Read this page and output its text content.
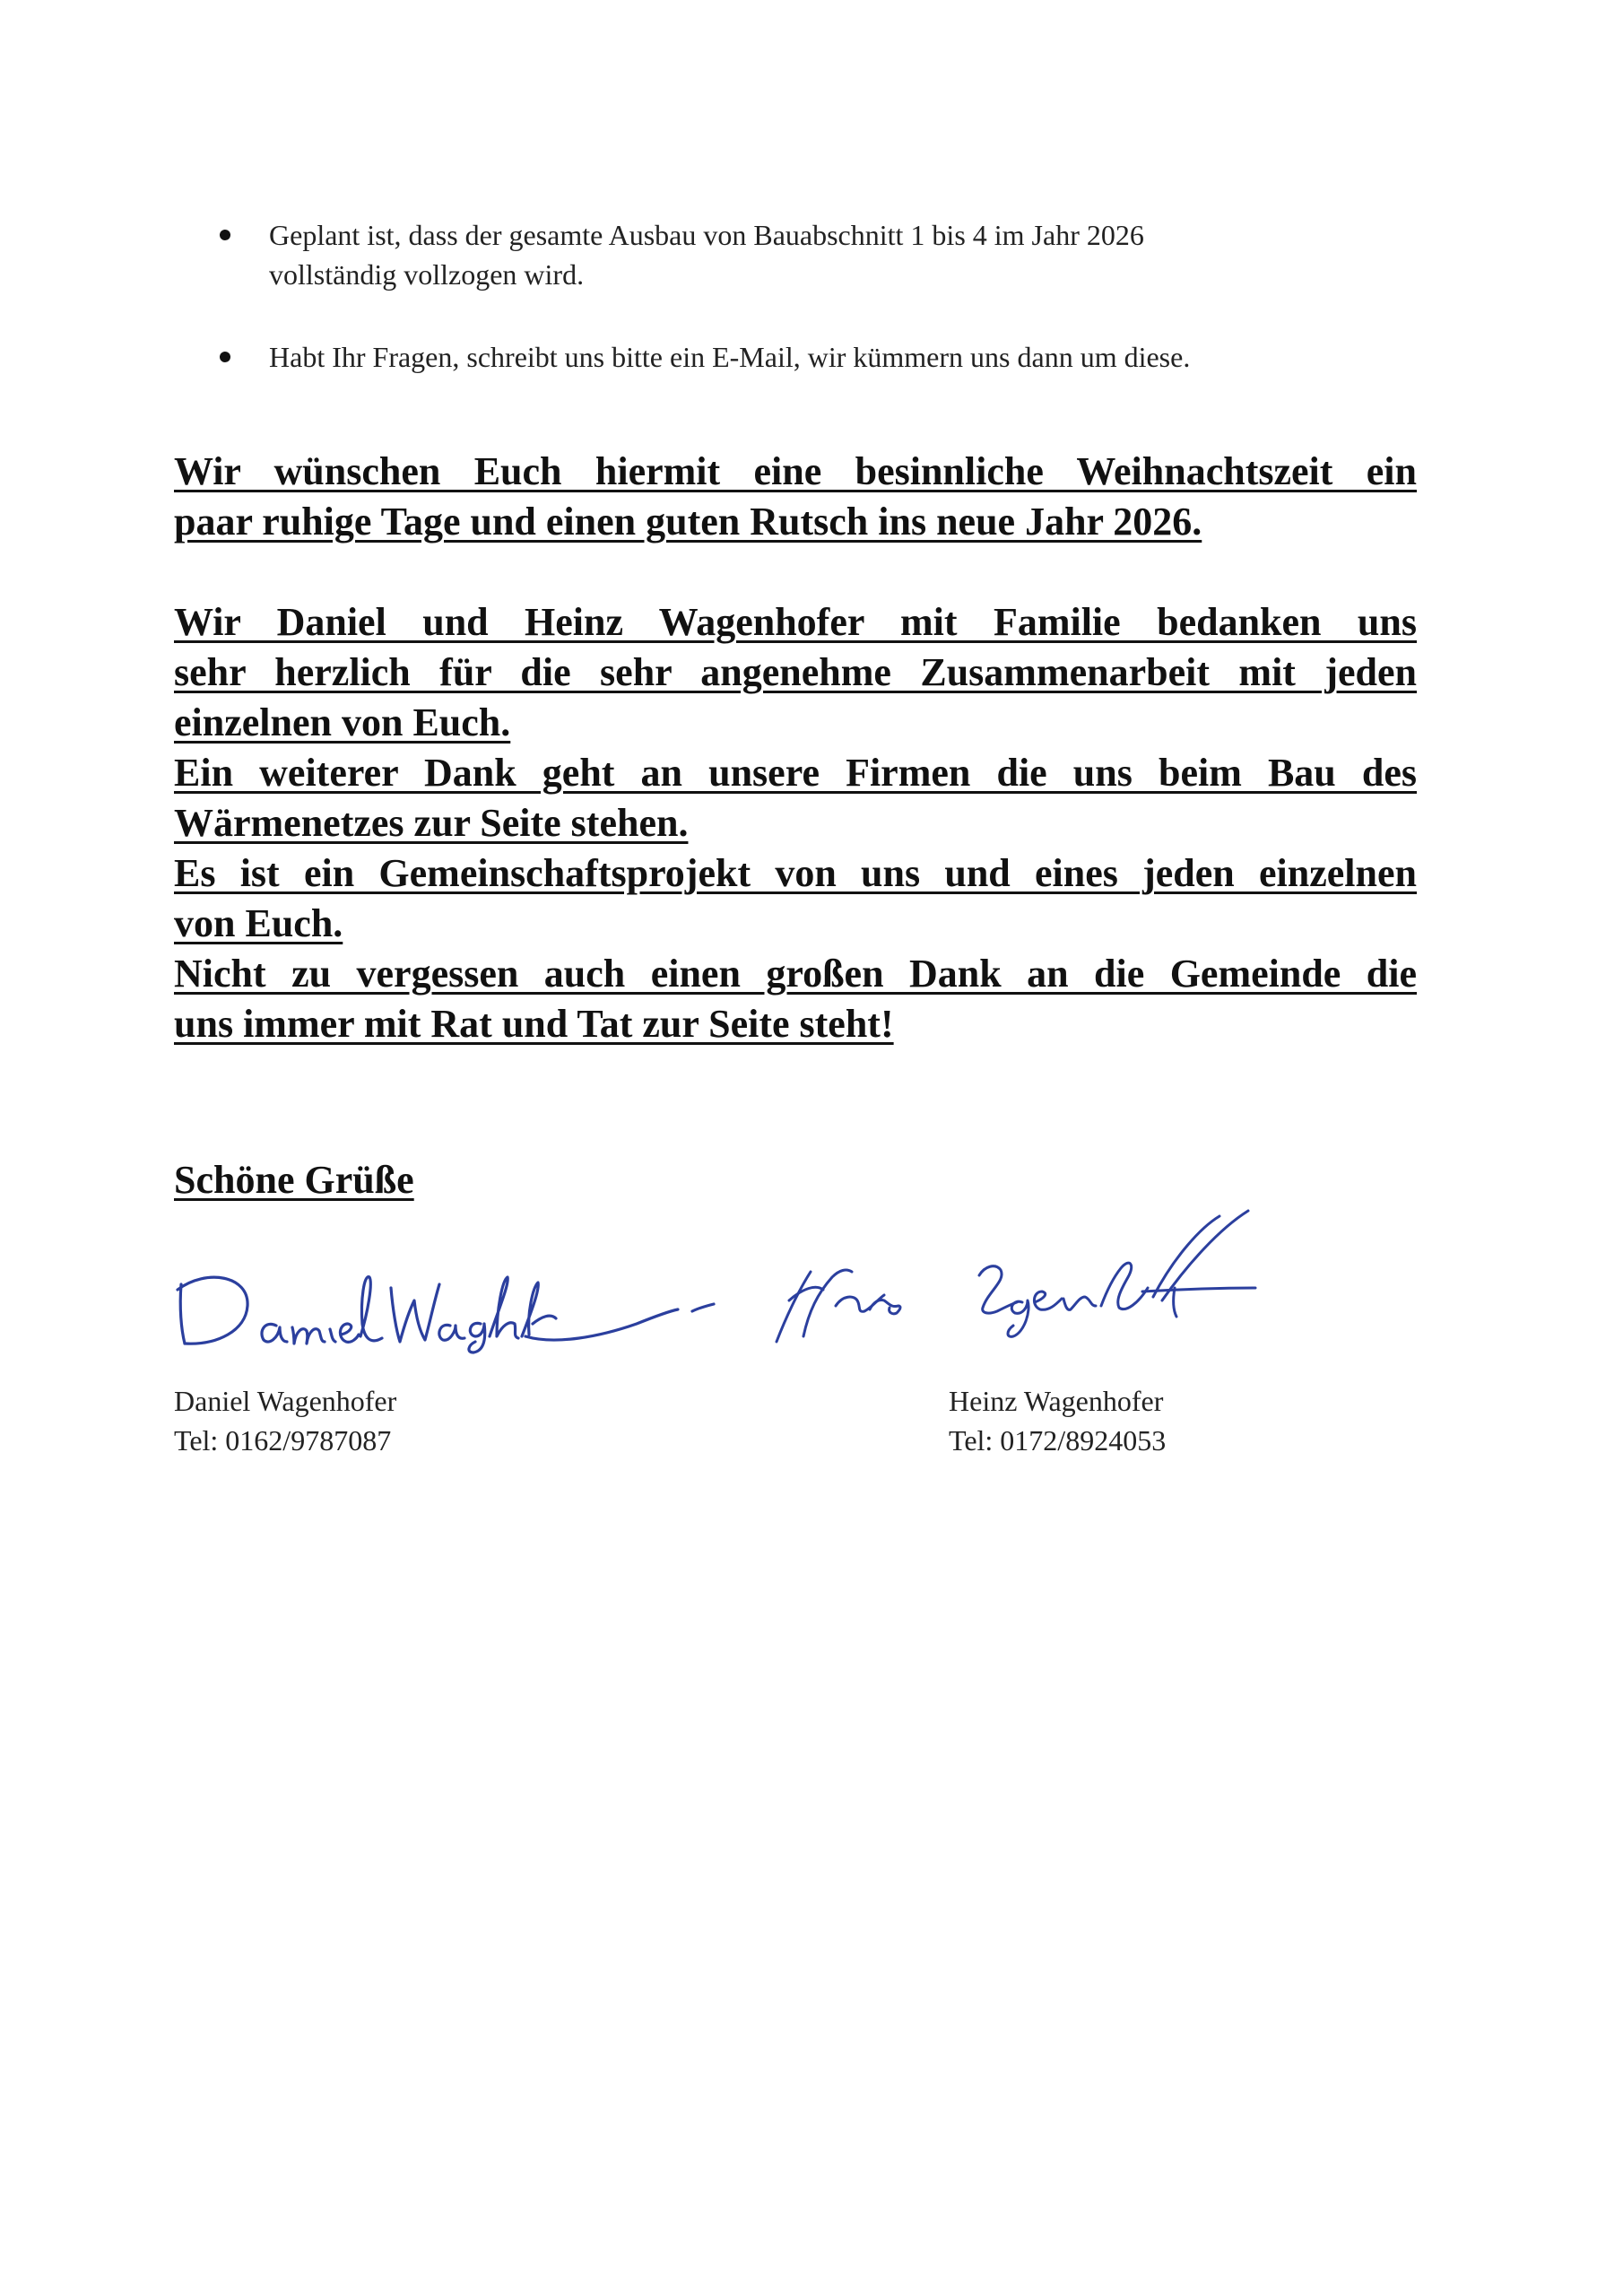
Geplant ist, dass der gesamte Ausbau von Bauabschnitt 1 bis 4 im Jahr 2026
vollständig vollzogen wird.
Habt Ihr Fragen, schreibt uns bitte ein E-Mail, wir kümmern uns dann um diese.
Wir wünschen Euch hiermit eine besinnliche Weihnachtszeit ein
paar ruhige Tage und einen guten Rutsch ins neue Jahr 2026.
Wir Daniel und Heinz Wagenhofer mit Familie bedanken uns
sehr herzlich für die sehr angenehme Zusammenarbeit mit jeden
einzelnen von Euch.
Ein weiterer Dank geht an unsere Firmen die uns beim Bau des
Wärmenetzes zur Seite stehen.
Es ist ein Gemeinschaftsprojekt von uns und eines jeden einzelnen
von Euch.
Nicht zu vergessen auch einen großen Dank an die Gemeinde die
uns immer mit Rat und Tat zur Seite steht!
Schöne Grüße
Daniel Wagenhofer
Tel: 0162/9787087
Heinz Wagenhofer
Tel: 0172/8924053
